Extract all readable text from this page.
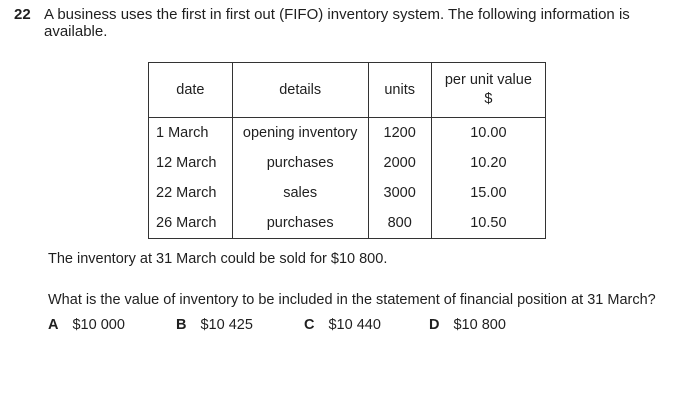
22 A business uses the first in first out (FIFO) inventory system. The following information is available.
date	details	units	per unit value
$

1 March	opening inventory	1200	10.00
12 March	purchases	2000	10.20
22 March	sales	3000	15.00
26 March	purchases	800	10.50
The inventory at 31 March could be sold for $10 800.
What is the value of inventory to be included in the statement of financial position at 31 March?
A $10 000	B $10 425	C $10 440	D $10 800
